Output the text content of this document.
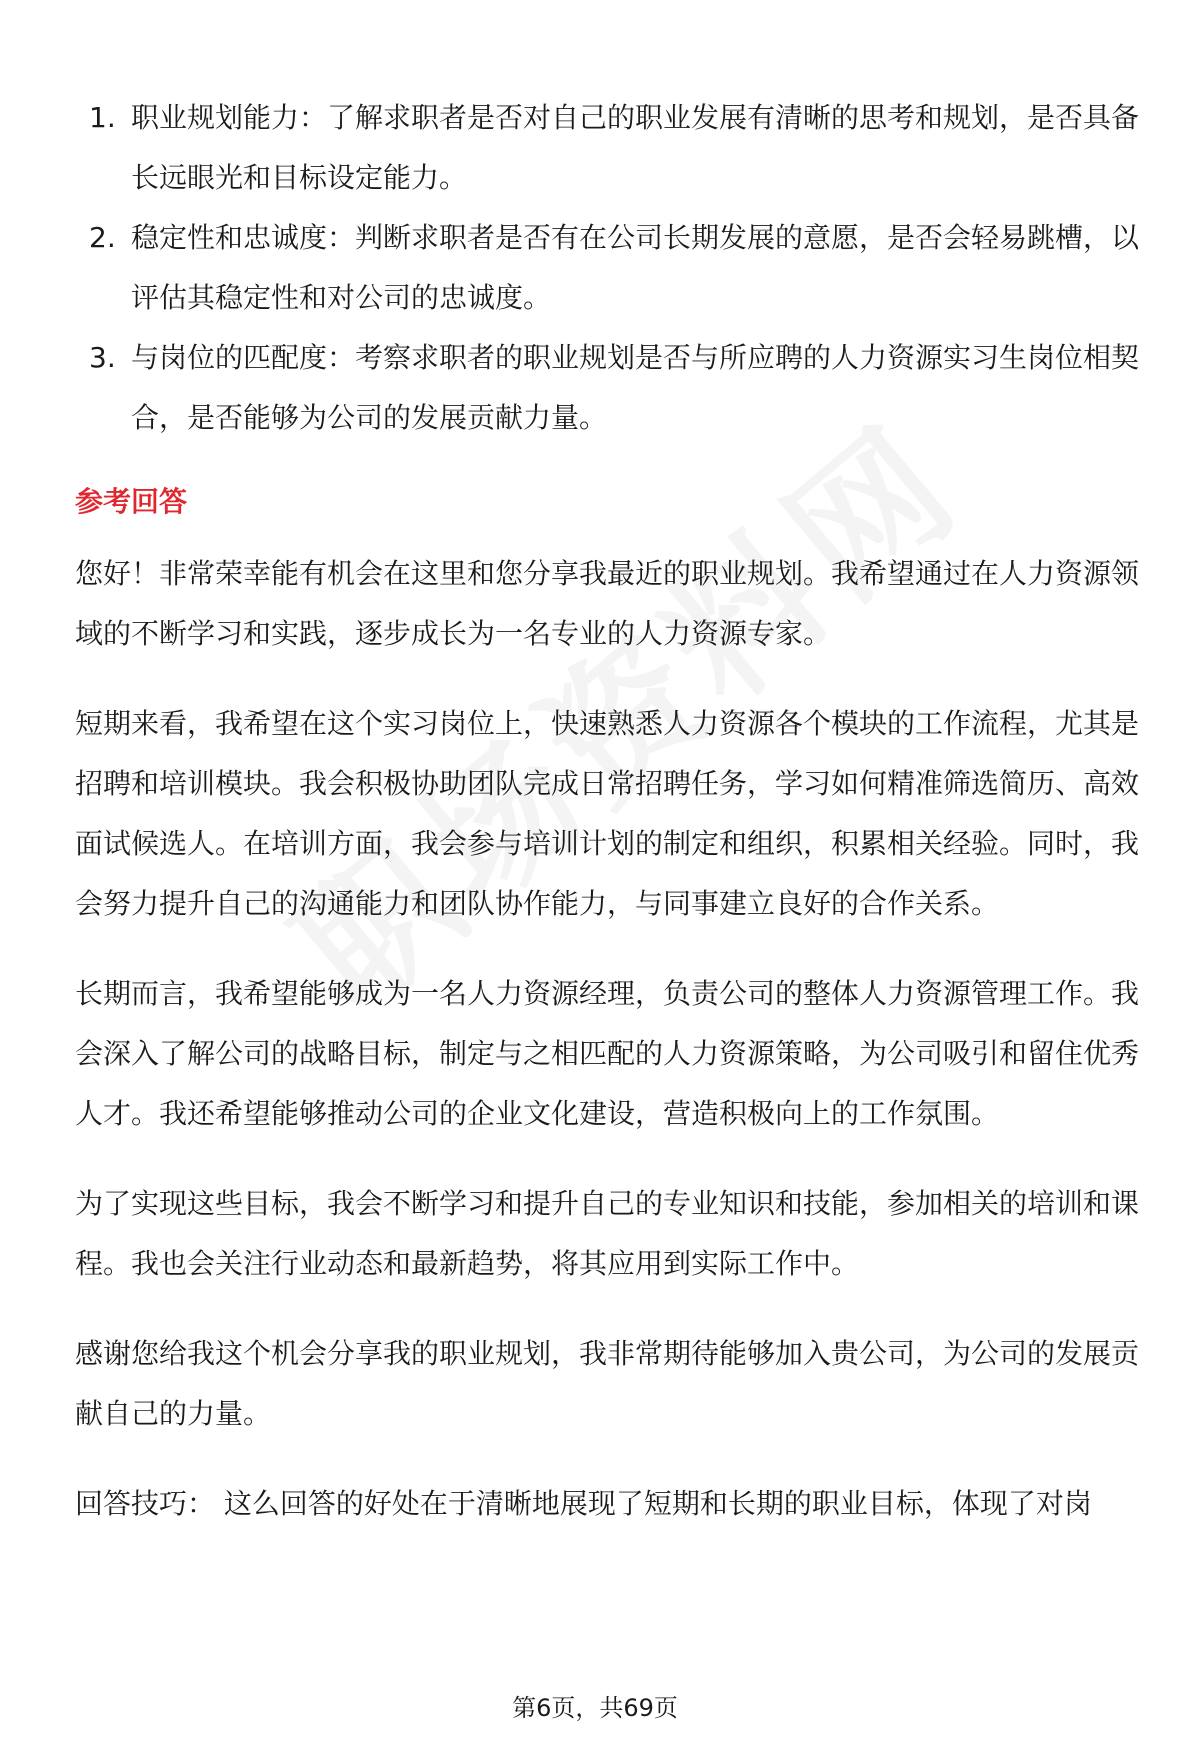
1. 职业规划能力：了解求职者是否对自己的职业发展有清晰的思考和规划，是否具备长远眼光和目标设定能力。
2. 稳定性和忠诚度：判断求职者是否有在公司长期发展的意愿，是否会轻易跳槽，以评估其稳定性和对公司的忠诚度。
3. 与岗位的匹配度：考察求职者的职业规划是否与所应聘的人力资源实习生岗位相契合，是否能够为公司的发展贡献力量。
参考回答

您好！非常荣幸能有机会在这里和您分享我最近的职业规划。我希望通过在人力资源领域的不断学习和实践，逐步成长为一名专业的人力资源专家。

短期来看，我希望在这个实习岗位上，快速熟悉人力资源各个模块的工作流程，尤其是招聘和培训模块。我会积极协助团队完成日常招聘任务，学习如何精准筛选简历、高效面试候选人。在培训方面，我会参与培训计划的制定和组织，积累相关经验。同时，我会努力提升自己的沟通能力和团队协作能力，与同事建立良好的合作关系。

长期而言，我希望能够成为一名人力资源经理，负责公司的整体人力资源管理工作。我会深入了解公司的战略目标，制定与之相匹配的人力资源策略，为公司吸引和留住优秀人才。我还希望能够推动公司的企业文化建设，营造积极向上的工作氛围。

为了实现这些目标，我会不断学习和提升自己的专业知识和技能，参加相关的培训和课程。我也会关注行业动态和最新趋势，将其应用到实际工作中。

感谢您给我这个机会分享我的职业规划，我非常期待能够加入贵公司，为公司的发展贡献自己的力量。

回答技巧： 这么回答的好处在于清晰地展现了短期和长期的职业目标，体现了对岗

第6页，共69页
